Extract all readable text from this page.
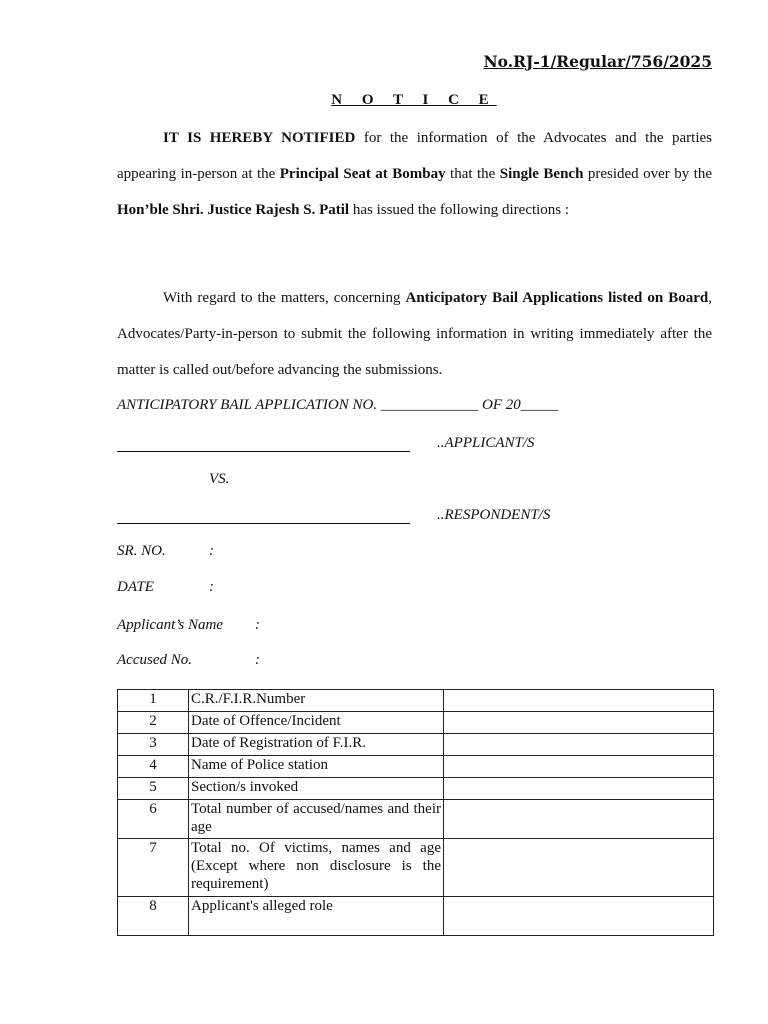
No.RJ-1/Regular/756/2025
N O T I C E

IT IS HEREBY NOTIFIED for the information of the Advocates and the parties appearing in-person at the Principal Seat at Bombay that the Single Bench presided over by the Hon’ble Shri. Justice Rajesh S. Patil has issued the following directions :

With regard to the matters, concerning Anticipatory Bail Applications listed on Board, Advocates/Party-in-person to submit the following information in writing immediately after the matter is called out/before advancing the submissions.

ANTICIPATORY BAIL APPLICATION NO. _____________ OF 20_____
..APPLICANT/S
VS.
..RESPONDENT/S
SR. NO.	:
DATE	:
Applicant’s Name :
Accused No.	:
1	C.R./F.I.R.Number	
2	Date of Offence/Incident	
3	Date of Registration of F.I.R.	
4	Name of Police station	
5	Section/s invoked	
6	Total number of accused/names and their age	
7	Total no. Of victims, names and age (Except where non disclosure is the requirement)	
8	Applicant's alleged role	
